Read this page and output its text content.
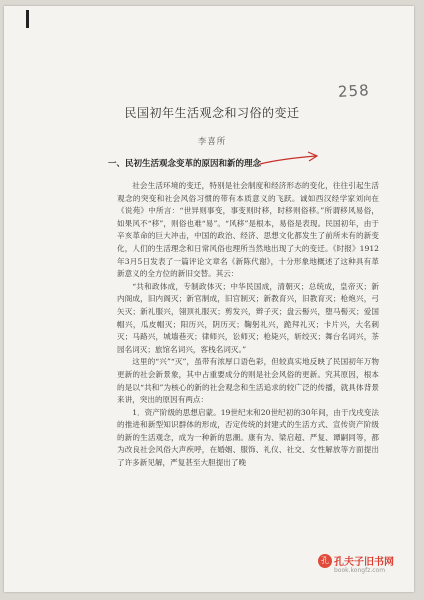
258
民国初年生活观念和习俗的变迁
李喜所
一、民初生活观念变革的原因和新的理念

社会生活环境的变迁，特别是社会制度和经济形态的变化，往往引起生活观念的突变和社会风俗习惯的带有本质意义的飞跃。诚如西汉经学家刘向在《说苑》中所言：“世异则事变，事变则时移，时移则俗移。”所谓移风易俗，如果风不“移”，则俗也难“易”。“风移”是根本，易俗是表现。民国初年，由于辛亥革命的巨大冲击，中国的政治、经济、思想文化都发生了前所未有的新变化，人们的生活理念和日常风俗也理所当然地出现了大的变迁。《时报》1912年3月5日发表了一篇评论文章名《新陈代谢》，十分形象地概述了这种具有革新意义的全方位的新旧交替。其云：

“共和政体成，专制政体灭；中华民国成，清朝灭；总统成，皇帝灭；新内阁成，旧内阁灭；新官制成，旧官制灭；新教育兴，旧教育灭；枪炮兴，弓矢灭；新礼服兴，翎顶礼服灭；剪发兴，辫子灭；盘云髻兴，堕马髻灭；爱国帽兴，瓜皮帽灭；阳历兴，阴历灭；鞠躬礼兴，跪拜礼灭；卡片兴，大名刺灭；马路兴，城墙巷灭；律师兴，讼师灭；枪毙兴，斩绞灭；舞台名词兴，茶园名词灭；旅馆名词兴，客栈名词灭。”

这里的“兴”“灭”，虽带有浓厚口语色彩，但较真实地反映了民国初年万物更新的社会新景象，其中占重要成分的则是社会风俗的更新。究其原因，根本的是以“共和”为核心的新的社会观念和生活追求的较广泛的传播，就具体背景来讲，突出的原因有两点：

1．资产阶级的思想启蒙。19世纪末和20世纪初的30年间，由于戊戌变法的推进和新型知识群体的形成，否定传统的封建式的生活方式、宣传资产阶级的新的生活观念，成为一种新的思潮。康有为、梁启超、严复、谭嗣同等，都为改良社会风俗大声疾呼，在婚姻、服饰、礼仪、社交、女性解放等方面提出了许多新见解，严复甚至大胆提出了晚

孔 孔夫子旧书网
book.kongfz.com
